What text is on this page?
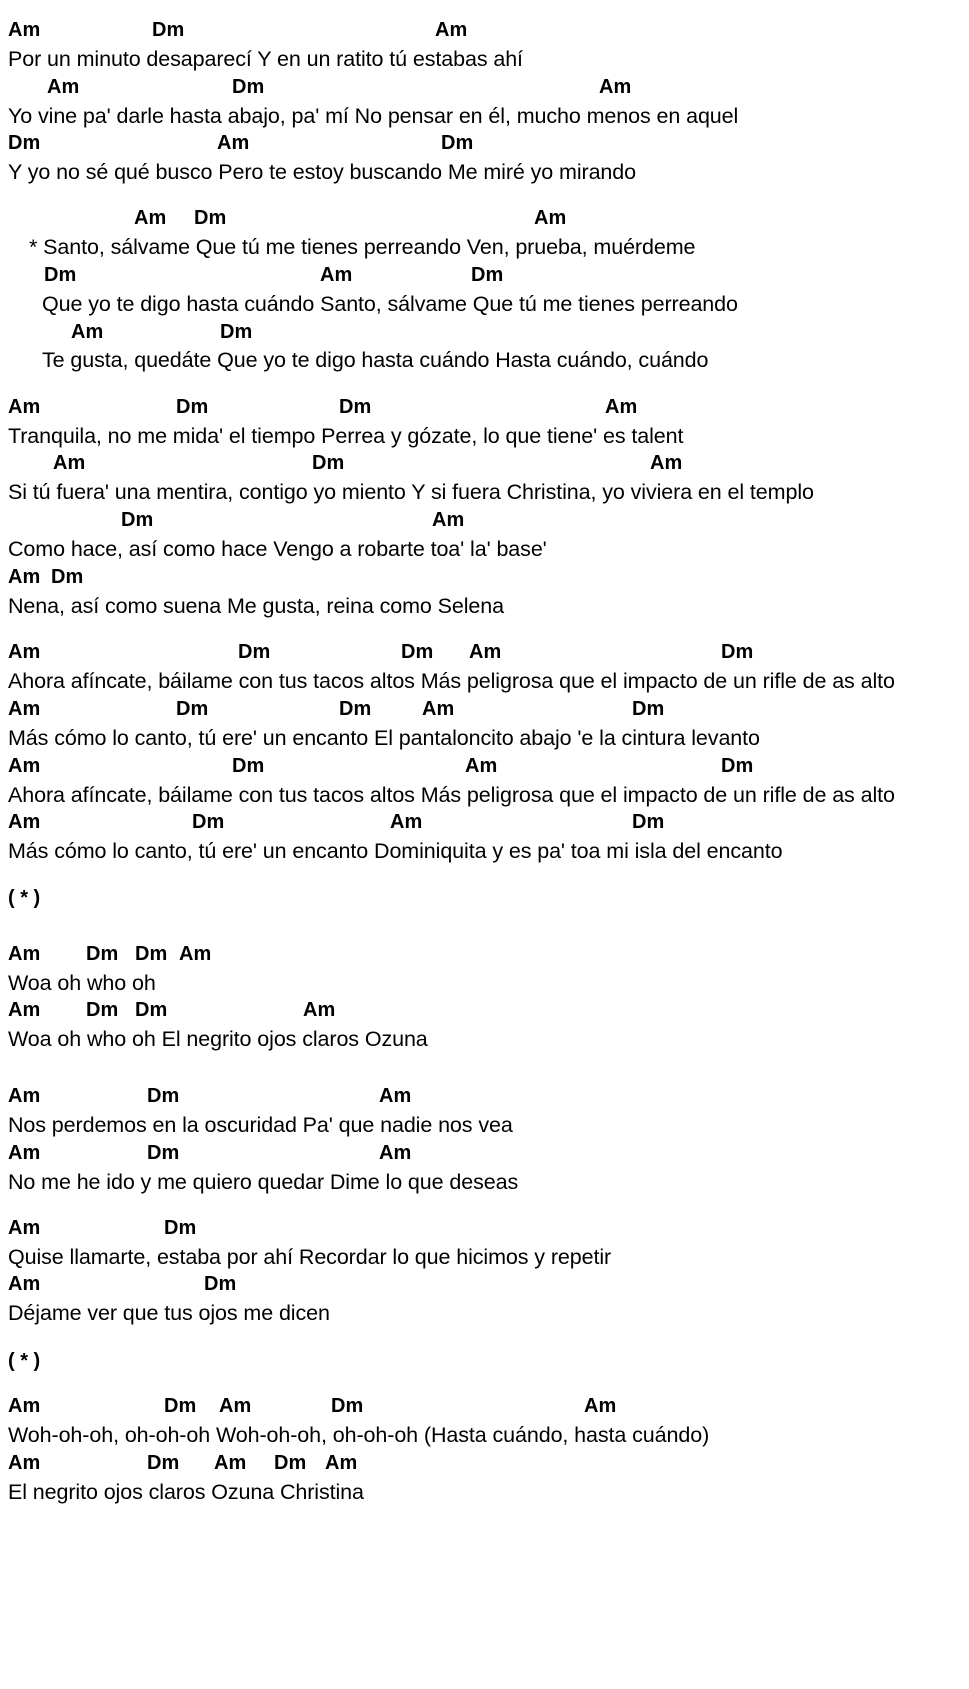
Am	Dm	Am
Por un minuto desaparecí Y en un ratito tú estabas ahí
Am	Dm	Am
Yo vine pa' darle hasta abajo, pa' mí No pensar en él, mucho menos en aquel
Dm	Am	Dm
Y yo no sé qué busco Pero te estoy buscando Me miré yo mirando
Am Dm	Am
* Santo, sálvame Que tú me tienes perreando Ven, prueba, muérdeme
Dm	Am	Dm
Que yo te digo hasta cuándo Santo, sálvame Que tú me tienes perreando
Am	Dm
Te gusta, quedáte Que yo te digo hasta cuándo Hasta cuándo, cuándo
Am	Dm	Dm	Am
Tranquila, no me mida' el tiempo Perrea y gózate, lo que tiene' es talent
Am	Dm	Am
Si tú fuera' una mentira, contigo yo miento Y si fuera Christina, yo viviera en el templo
Dm	Am
Como hace, así como hace Vengo a robarte toa' la' base'
Am Dm
Nena, así como suena Me gusta, reina como Selena
Am	Dm	Dm Am	Dm
Ahora afíncate, báilame con tus tacos altos Más peligrosa que el impacto de un rifle de as alto
Am	Dm	Dm	Am	Dm
Más cómo lo canto, tú ere' un encanto El pantaloncito abajo 'e la cintura levanto
Am	Dm	Am	Dm
Ahora afíncate, báilame con tus tacos altos Más peligrosa que el impacto de un rifle de as alto
Am	Dm	Am	Dm
Más cómo lo canto, tú ere' un encanto Dominiquita y es pa' toa mi isla del encanto
( * )
Am Dm Dm Am
Woa oh who oh
Am Dm Dm	Am
Woa oh who oh El negrito ojos claros Ozuna
Am	Dm	Am
Nos perdemos en la oscuridad Pa' que nadie nos vea
Am	Dm	Am
No me he ido y me quiero quedar Dime lo que deseas
Am	Dm
Quise llamarte, estaba por ahí Recordar lo que hicimos y repetir
Am	Dm
Déjame ver que tus ojos me dicen
( * )
Am	Dm Am	Dm	Am
Woh-oh-oh, oh-oh-oh Woh-oh-oh, oh-oh-oh (Hasta cuándo, hasta cuándo)
Am	Dm Am Dm Am
El negrito ojos claros Ozuna Christina
